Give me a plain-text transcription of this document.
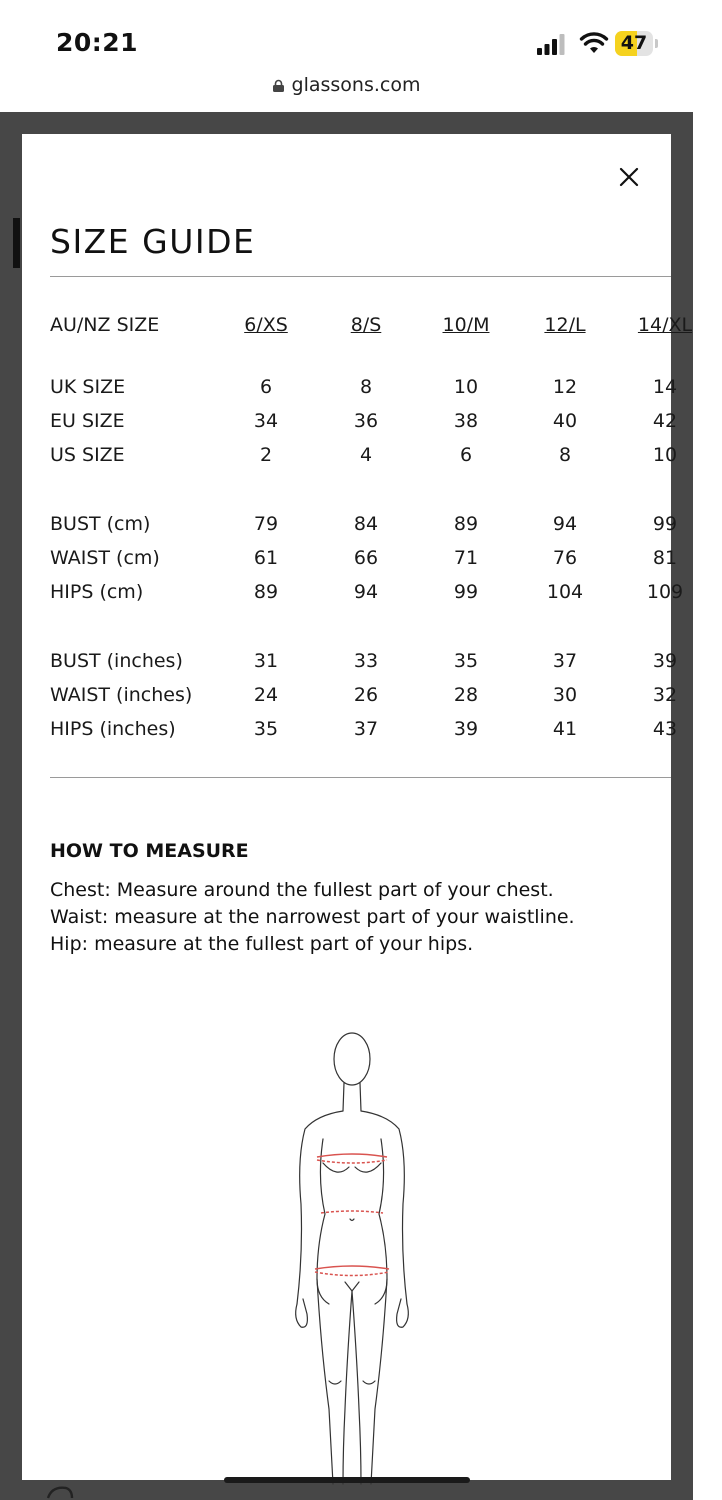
20:21	47
glassons.com
SIZE GUIDE
AU/NZ SIZE	6/XS	8/S	10/M	12/L	14/XL
UK SIZE	6	8	10	12	14
EU SIZE	34	36	38	40	42
US SIZE	2	4	6	8	10
BUST (cm)	79	84	89	94	99
WAIST (cm)	61	66	71	76	81
HIPS (cm)	89	94	99	104	109
BUST (inches)	31	33	35	37	39
WAIST (inches)	24	26	28	30	32
HIPS (inches)	35	37	39	41	43
HOW TO MEASURE
Chest: Measure around the fullest part of your chest.
Waist: measure at the narrowest part of your waistline.
Hip: measure at the fullest part of your hips.
